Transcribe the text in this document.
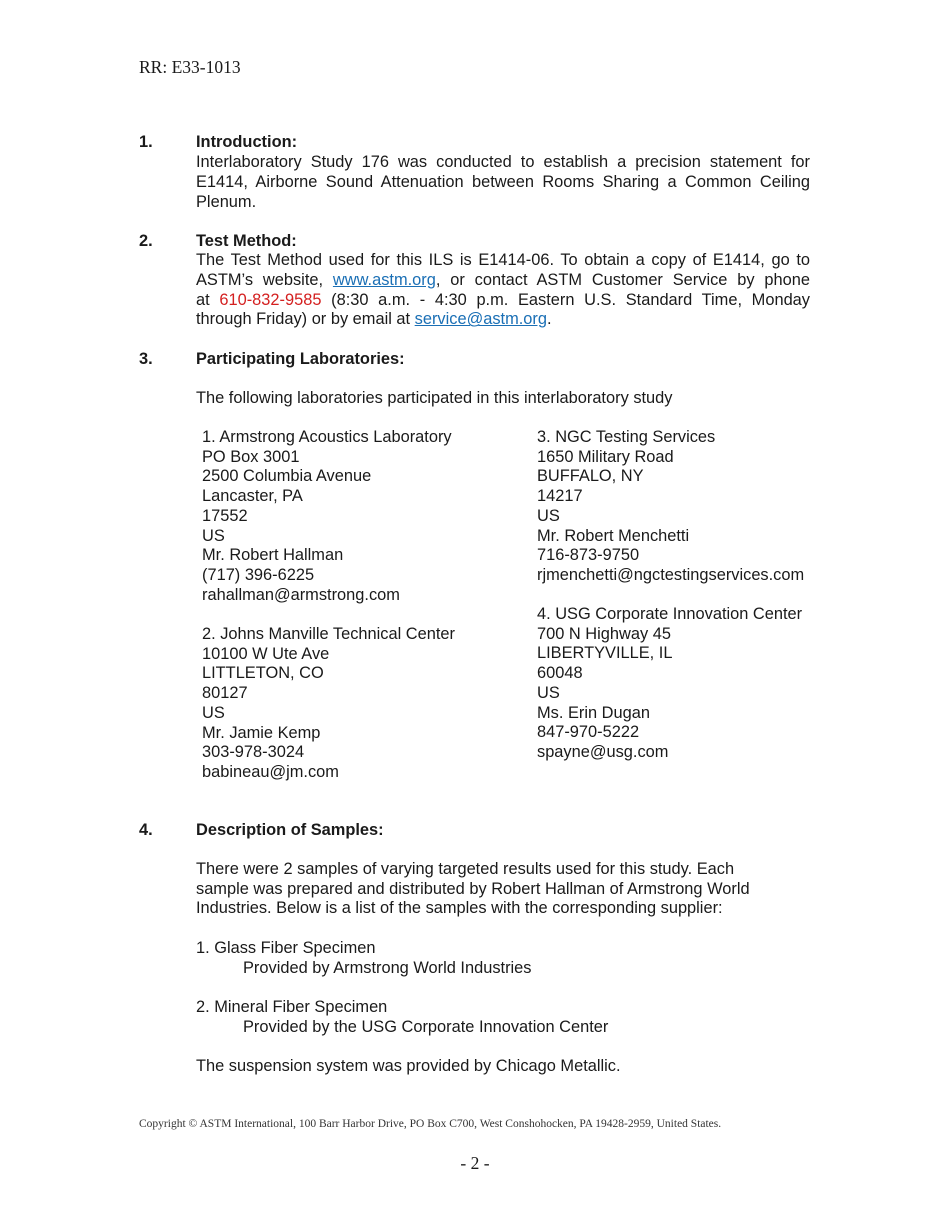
RR: E33-1013
1.	Introduction:
Interlaboratory Study 176 was conducted to establish a precision statement for
E1414, Airborne Sound Attenuation between Rooms Sharing a Common Ceiling
Plenum.
2.	Test Method:
The Test Method used for this ILS is E1414-06. To obtain a copy of E1414, go to
ASTM’s website, www.astm.org, or contact ASTM Customer Service by phone
at 610-832-9585 (8:30 a.m. - 4:30 p.m. Eastern U.S. Standard Time, Monday
through Friday) or by email at service@astm.org.
3.	Participating Laboratories:
The following laboratories participated in this interlaboratory study
1. Armstrong Acoustics Laboratory
PO Box 3001
2500 Columbia Avenue
Lancaster, PA
17552
US
Mr. Robert Hallman
(717) 396-6225
rahallman@armstrong.com
2. Johns Manville Technical Center
10100 W Ute Ave
LITTLETON, CO
80127
US
Mr. Jamie Kemp
303-978-3024
babineau@jm.com
3. NGC Testing Services
1650 Military Road
BUFFALO, NY
14217
US
Mr. Robert Menchetti
716-873-9750
rjmenchetti@ngctestingservices.com
4. USG Corporate Innovation Center
700 N Highway 45
LIBERTYVILLE, IL
60048
US
Ms. Erin Dugan
847-970-5222
spayne@usg.com
4.	Description of Samples:
There were 2 samples of varying targeted results used for this study. Each
sample was prepared and distributed by Robert Hallman of Armstrong World
Industries. Below is a list of the samples with the corresponding supplier:
1. Glass Fiber Specimen
Provided by Armstrong World Industries
2. Mineral Fiber Specimen
Provided by the USG Corporate Innovation Center
The suspension system was provided by Chicago Metallic.
Copyright © ASTM International, 100 Barr Harbor Drive, PO Box C700, West Conshohocken, PA 19428-2959, United States.
- 2 -
